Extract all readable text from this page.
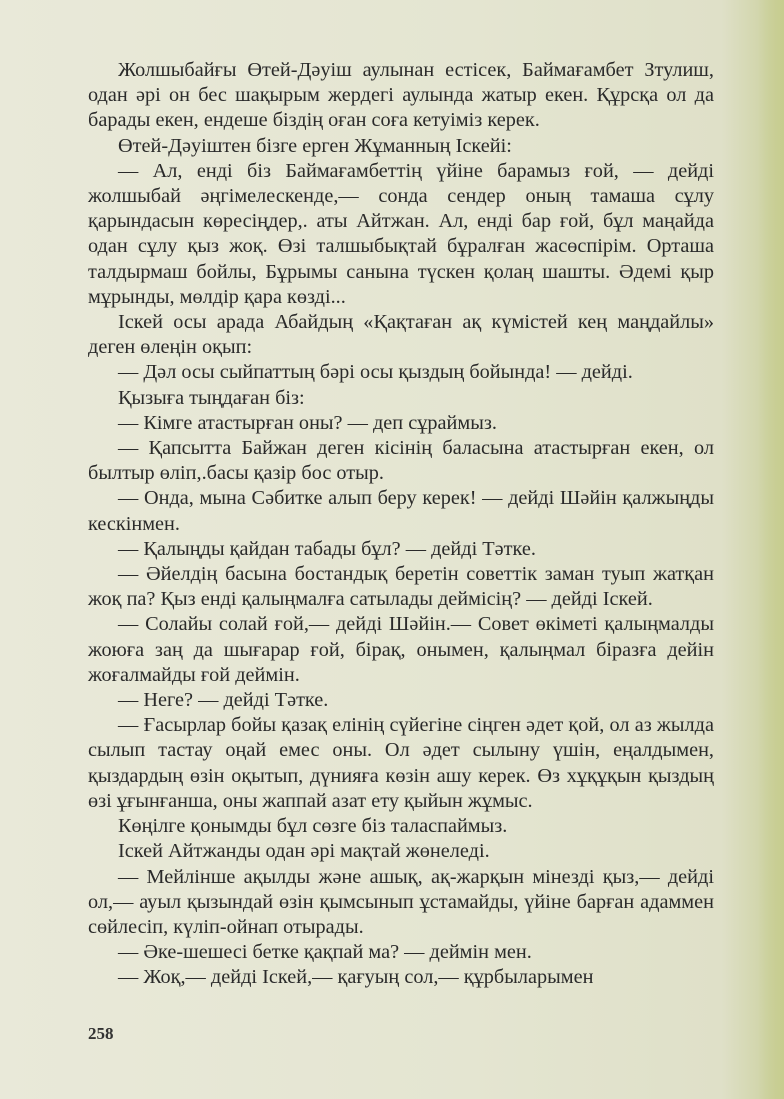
Жолшыбайғы Өтей-Дәуіш аулынан естісек, Баймағамбет Зтулиш, одан әрі он бес шақырым жердегі аулында жатыр екен. Құрсқа ол да барады екен, ендеше біздің оған соға кетуіміз керек.

Өтей-Дәуіштен бізге ерген Жұманның Іскейі:

— Ал, енді біз Баймағамбеттің үйіне барамыз ғой, — дейді жолшыбай әңгімелескенде,— сонда сендер оның тамаша сұлу қарындасын көресіңдер,. аты Айтжан. Ал, енді бар ғой, бұл маңайда одан сұлу қыз жоқ. Өзі талшыбықтай бұралған жасөспірім. Орташа талдырмаш бойлы, Бұрымы санына түскен қолаң шашты. Әдемі қыр мұрынды, мөлдір қара көзді...

Іскей осы арада Абайдың «Қақтаған ақ күмістей кең маңдайлы» деген өлеңін оқып:

— Дәл осы сыйпаттың бәрі осы қыздың бойында! — дейді.

Қызыға тыңдаған біз:

— Кімге атастырған оны? — деп сұраймыз.

— Қапсытта Байжан деген кісінің баласына атастырған екен, ол былтыр өліп,.басы қазір бос отыр.

— Онда, мына Сәбитке алып беру керек! — дейді Шәйін қалжыңды кескінмен.

— Қалыңды қайдан табады бұл? — дейді Тәтке.

— Әйелдің басына бостандық беретін советтік заман туып жатқан жоқ па? Қыз енді қалыңмалға сатылады деймісің? — дейді Іскей.

— Солайы солай ғой,— дейді Шәйін.— Совет өкіметі қалыңмалды жоюға заң да шығарар ғой, бірақ, онымен, қалыңмал біразға дейін жоғалмайды ғой деймін.

— Неге? — дейді Тәтке.

— Ғасырлар бойы қазақ елінің сүйегіне сіңген әдет қой, ол аз жылда сылып тастау оңай емес оны. Ол әдет сылыну үшін, еңалдымен, қыздардың өзін оқытып, дүнияға көзін ашу керек. Өз хұқұқын қыздың өзі ұғынғанша, оны жаппай азат ету қыйын жұмыс.

Көңілге қонымды бұл сөзге біз таласпаймыз.

Іскей Айтжанды одан әрі мақтай жөнеледі.

— Мейлінше ақылды және ашық, ақ-жарқын мінезді қыз,— дейді ол,— ауыл қызындай өзін қымсынып ұстамайды, үйіне барған адаммен сөйлесіп, күліп-ойнап отырады.

— Әке-шешесі бетке қақпай ма? — деймін мен.

— Жоқ,— дейді Іскей,— қағуың сол,— құрбыларымен

258
